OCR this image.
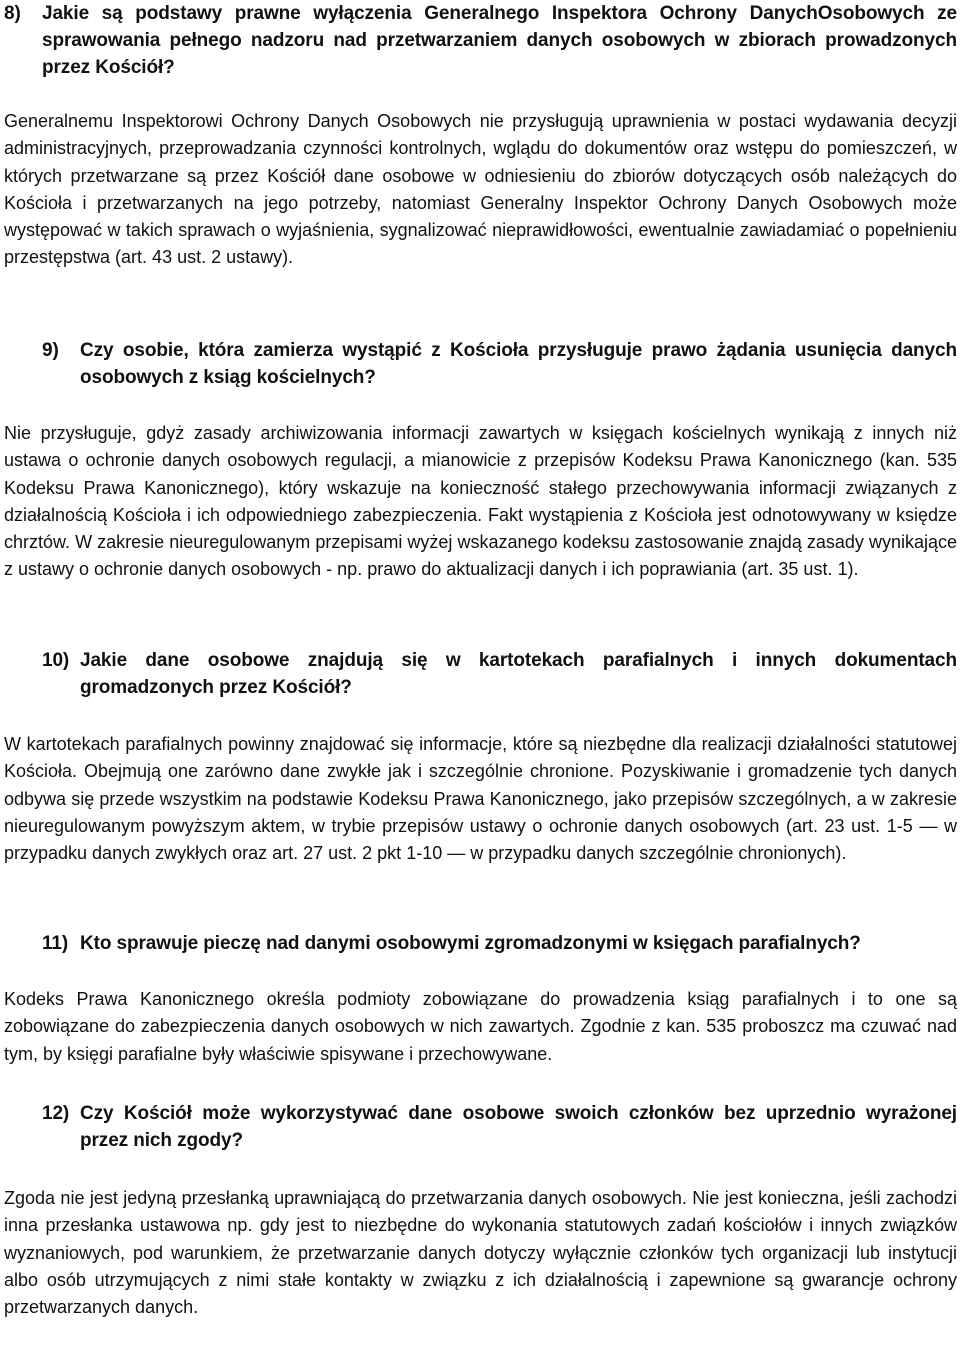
8)	Jakie są podstawy prawne wyłączenia Generalnego Inspektora Ochrony DanychOsobowych ze sprawowania pełnego nadzoru nad przetwarzaniem danych osobowych w zbiorach prowadzonych przez Kościół?

Generalnemu Inspektorowi Ochrony Danych Osobowych nie przysługują uprawnienia w postaci wydawania decyzji administracyjnych, przeprowadzania czynności kontrolnych, wglądu do dokumentów oraz wstępu do pomieszczeń, w których przetwarzane są przez Kościół dane osobowe w odniesieniu do zbiorów dotyczących osób należących do Kościoła i przetwarzanych na jego potrzeby, natomiast Generalny Inspektor Ochrony Danych Osobowych może występować w takich sprawach o wyjaśnienia, sygnalizować nieprawidłowości, ewentualnie zawiadamiać o popełnieniu przestępstwa (art. 43 ust. 2 ustawy).

9)	Czy osobie, która zamierza wystąpić z Kościoła przysługuje prawo żądania usunięcia danych osobowych z ksiąg kościelnych?

Nie przysługuje, gdyż zasady archiwizowania informacji zawartych w księgach kościelnych wynikają z innych niż ustawa o ochronie danych osobowych regulacji, a mianowicie z przepisów Kodeksu Prawa Kanonicznego (kan. 535 Kodeksu Prawa Kanonicznego), który wskazuje na konieczność stałego przechowywania informacji związanych z działalnością Kościoła i ich odpowiedniego zabezpieczenia. Fakt wystąpienia z Kościoła jest odnotowywany w księdze chrztów. W zakresie nieuregulowanym przepisami wyżej wskazanego kodeksu zastosowanie znajdą zasady wynikające z ustawy o ochronie danych osobowych - np. prawo do aktualizacji danych i ich poprawiania (art. 35 ust. 1).

10) Jakie dane osobowe znajdują się w kartotekach parafialnych i innych dokumentach gromadzonych przez Kościół?

W kartotekach parafialnych powinny znajdować się informacje, które są niezbędne dla realizacji działalności statutowej Kościoła. Obejmują one zarówno dane zwykłe jak i szczególnie chronione. Pozyskiwanie i gromadzenie tych danych odbywa się przede wszystkim na podstawie Kodeksu Prawa Kanonicznego, jako przepisów szczególnych, a w zakresie nieuregulowanym powyższym aktem, w trybie przepisów ustawy o ochronie danych osobowych (art. 23 ust. 1-5 — w przypadku danych zwykłych oraz art. 27 ust. 2 pkt 1-10 — w przypadku danych szczególnie chronionych).

11) Kto sprawuje pieczę nad danymi osobowymi zgromadzonymi w księgach parafialnych?

Kodeks Prawa Kanonicznego określa podmioty zobowiązane do prowadzenia ksiąg parafialnych i to one są zobowiązane do zabezpieczenia danych osobowych w nich zawartych. Zgodnie z kan. 535 proboszcz ma czuwać nad tym, by księgi parafialne były właściwie spisywane i przechowywane.

12) Czy Kościół może wykorzystywać dane osobowe swoich członków bez uprzednio wyrażonej przez nich zgody?

Zgoda nie jest jedyną przesłanką uprawniającą do przetwarzania danych osobowych. Nie jest konieczna, jeśli zachodzi inna przesłanka ustawowa np. gdy jest to niezbędne do wykonania statutowych zadań kościołów i innych związków wyznaniowych, pod warunkiem, że przetwarzanie danych dotyczy wyłącznie członków tych organizacji lub instytucji albo osób utrzymujących z nimi stałe kontakty w związku z ich działalnością i zapewnione są gwarancje ochrony przetwarzanych danych.
